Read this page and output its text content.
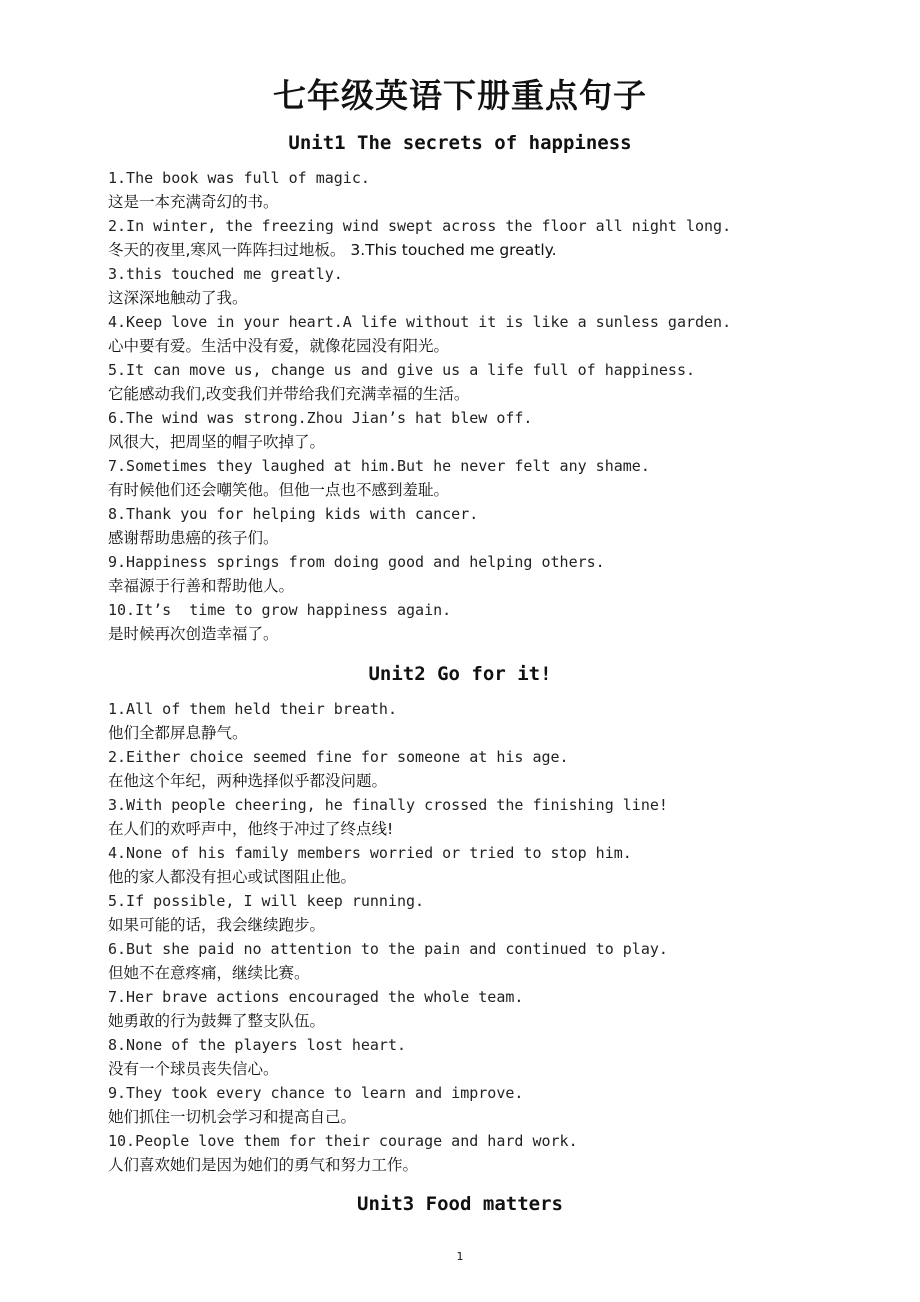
七年级英语下册重点句子
Unit1 The secrets of happiness
1.The book was full of magic.
这是一本充满奇幻的书。
2.In winter, the freezing wind swept across the floor all night long.
冬天的夜里,寒风一阵阵扫过地板。 3.This touched me greatly.
3.this touched me greatly.
这深深地触动了我。
4.Keep love in your heart.A life without it is like a sunless garden.
心中要有爱。生活中没有爱，就像花园没有阳光。
5.It can move us, change us and give us a life full of happiness.
它能感动我们,改变我们并带给我们充满幸福的生活。
6.The wind was strong.Zhou Jian’s hat blew off.
风很大，把周坚的帽子吹掉了。
7.Sometimes they laughed at him.But he never felt any shame.
有时候他们还会嘲笑他。但他一点也不感到羞耻。
8.Thank you for helping kids with cancer.
感谢帮助患癌的孩子们。
9.Happiness springs from doing good and helping others.
幸福源于行善和帮助他人。
10.It’s  time to grow happiness again.
是时候再次创造幸福了。
Unit2 Go for it!
1.All of them held their breath.
他们全都屏息静气。
2.Either choice seemed fine for someone at his age.
在他这个年纪，两种选择似乎都没问题。
3.With people cheering, he finally crossed the finishing line!
在人们的欢呼声中，他终于冲过了终点线!
4.None of his family members worried or tried to stop him.
他的家人都没有担心或试图阻止他。
5.If possible, I will keep running.
如果可能的话，我会继续跑步。
6.But she paid no attention to the pain and continued to play.
但她不在意疼痛，继续比赛。
7.Her brave actions encouraged the whole team.
她勇敢的行为鼓舞了整支队伍。
8.None of the players lost heart.
没有一个球员丧失信心。
9.They took every chance to learn and improve.
她们抓住一切机会学习和提高自己。
10.People love them for their courage and hard work.
人们喜欢她们是因为她们的勇气和努力工作。
Unit3 Food matters
1
